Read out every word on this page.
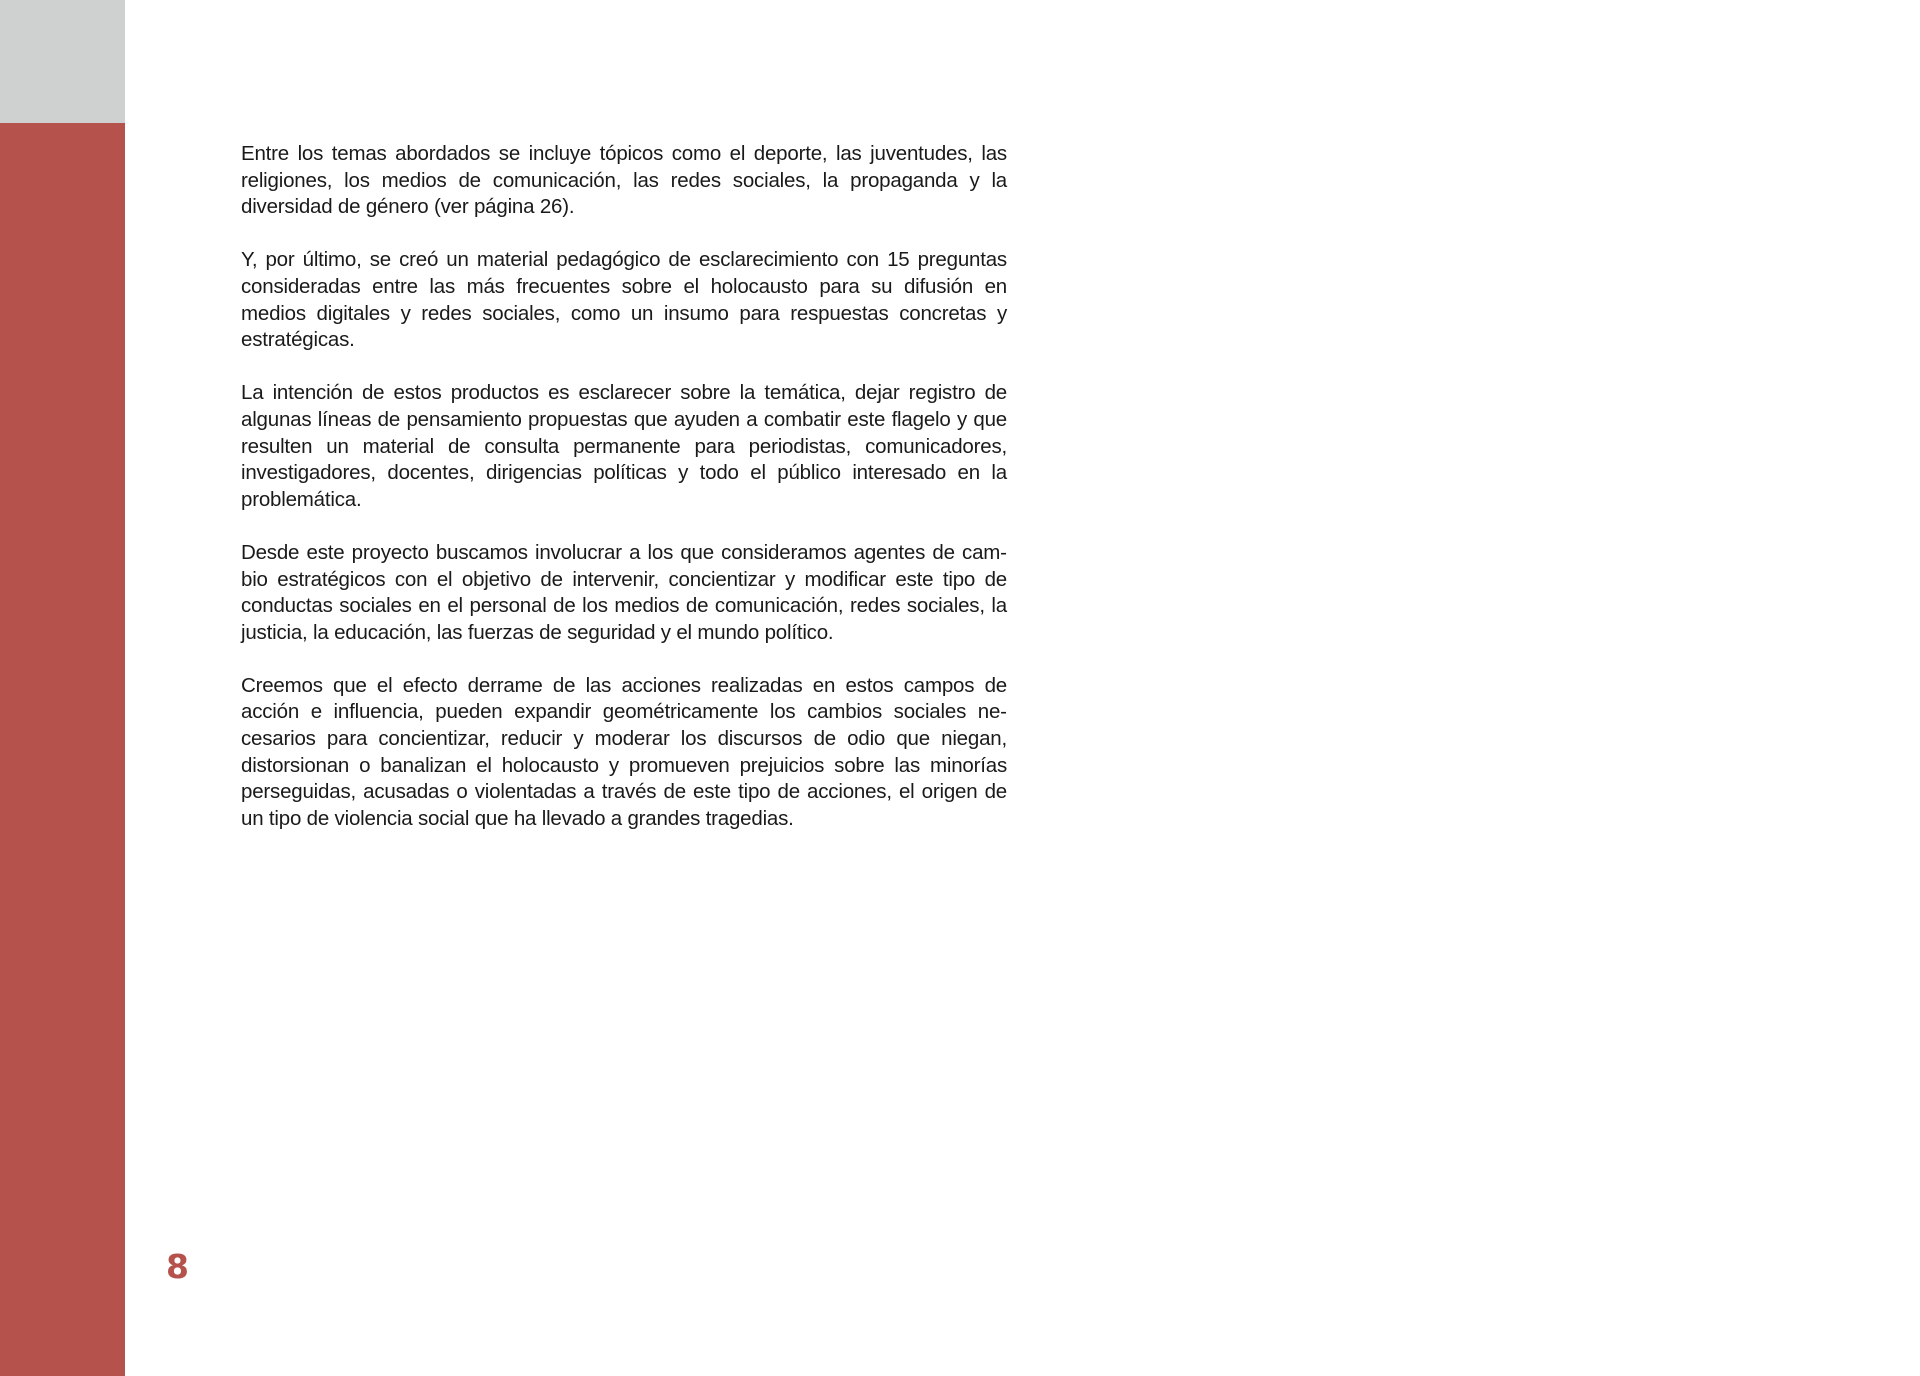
Entre los temas abordados se incluye tópicos como el deporte, las juventudes, las religiones, los medios de comunicación, las redes sociales, la propaganda y la diversidad de género (ver página 26).

Y, por último, se creó un material pedagógico de esclarecimiento con 15 preguntas consideradas entre las más frecuentes sobre el holocausto para su difusión en medios digitales y redes sociales, como un insumo para respuestas concretas y estratégicas.

La intención de estos productos es esclarecer sobre la temática, dejar registro de algunas líneas de pensamiento propuestas que ayuden a combatir este flagelo y que resulten un material de consulta permanente para periodistas, comunicadores, investigadores, docentes, dirigencias políticas y todo el público interesado en la problemática.

Desde este proyecto buscamos involucrar a los que consideramos agentes de cambio estratégicos con el objetivo de intervenir, concientizar y modificar este tipo de conductas sociales en el personal de los medios de comunicación, redes sociales, la justicia, la educación, las fuerzas de seguridad y el mundo político.

Creemos que el efecto derrame de las acciones realizadas en estos campos de acción e influencia, pueden expandir geométricamente los cambios sociales necesarios para concientizar, reducir y moderar los discursos de odio que niegan, distorsionan o banalizan el holocausto y promueven prejuicios sobre las minorías perseguidas, acusadas o violentadas a través de este tipo de acciones, el origen de un tipo de violencia social que ha llevado a grandes tragedias.

8
